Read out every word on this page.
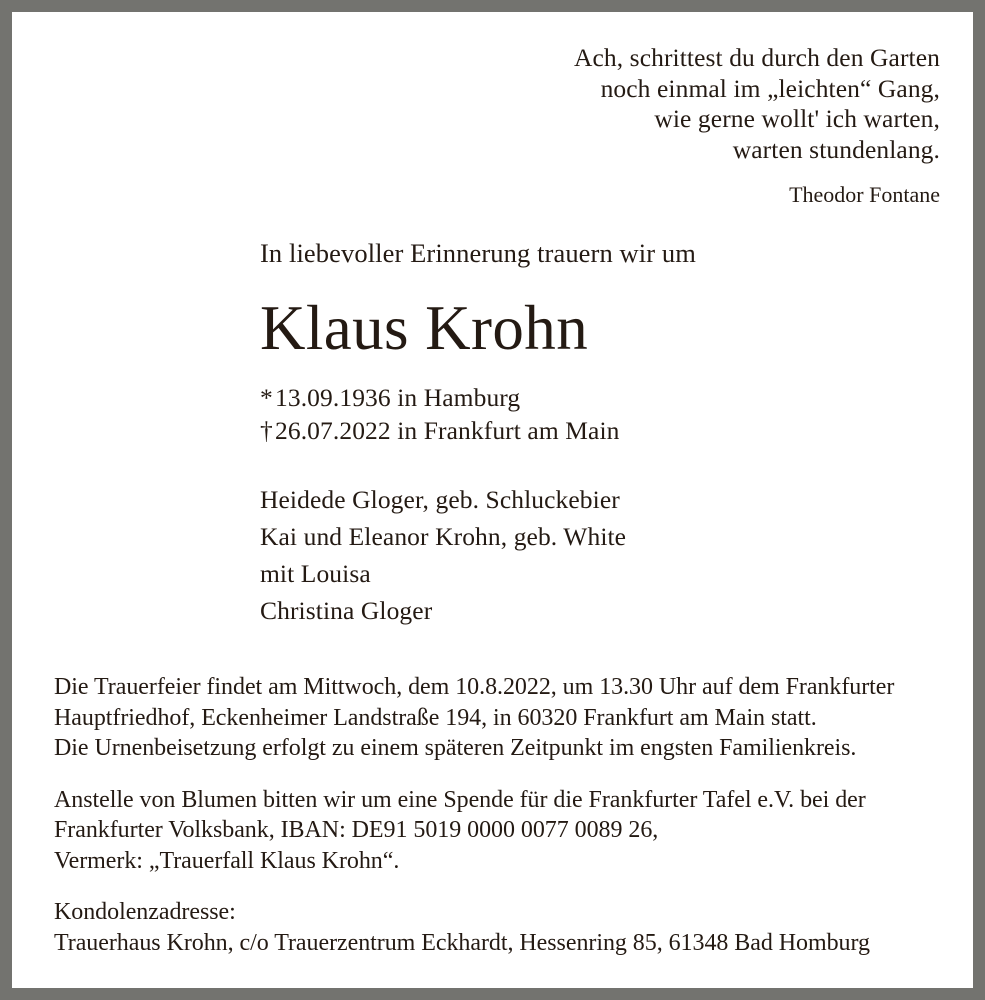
Ach, schrittest du durch den Garten
noch einmal im „leichten“ Gang,
wie gerne wollt' ich warten,
warten stundenlang.
Theodor Fontane
In liebevoller Erinnerung trauern wir um
Klaus Krohn
*13.09.1936 in Hamburg
†26.07.2022 in Frankfurt am Main
Heidede Gloger, geb. Schluckebier
Kai und Eleanor Krohn, geb. White
mit Louisa
Christina Gloger

Die Trauerfeier findet am Mittwoch, dem 10.8.2022, um 13.30 Uhr auf dem Frankfurter
Hauptfriedhof, Eckenheimer Landstraße 194, in 60320 Frankfurt am Main statt.
Die Urnenbeisetzung erfolgt zu einem späteren Zeitpunkt im engsten Familienkreis.

Anstelle von Blumen bitten wir um eine Spende für die Frankfurter Tafel e.V. bei der
Frankfurter Volksbank, IBAN: DE91 5019 0000 0077 0089 26,
Vermerk: „Trauerfall Klaus Krohn“.

Kondolenzadresse:
Trauerhaus Krohn, c/o Trauerzentrum Eckhardt, Hessenring 85, 61348 Bad Homburg
